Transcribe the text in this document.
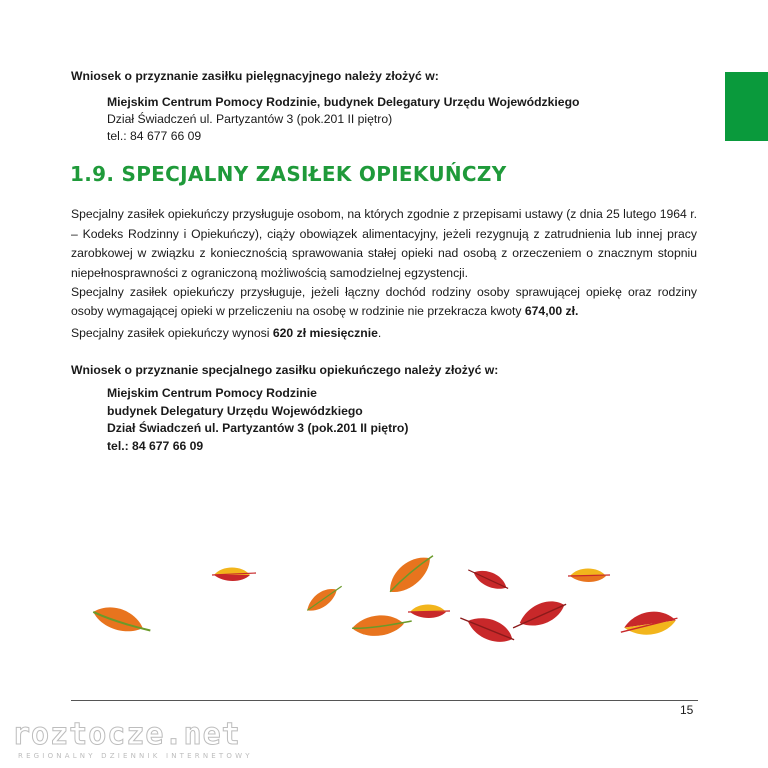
Wniosek o przyznanie zasiłku pielęgnacyjnego należy złożyć w:

Miejskim Centrum Pomocy Rodzinie, budynek Delegatury Urzędu Wojewódzkiego

Dział Świadczeń ul. Partyzantów 3 (pok.201 II piętro)

tel.: 84 677 66 09

1.9. SPECJALNY ZASIŁEK OPIEKUŃCZY

Specjalny zasiłek opiekuńczy przysługuje osobom, na których zgodnie z przepisami ustawy (z dnia 25 lutego 1964 r. – Kodeks Rodzinny i Opiekuńczy), ciąży obowiązek alimentacyjny, jeżeli rezygnują z zatrudnienia lub innej pracy zarobkowej w związku z koniecznością sprawowania stałej opieki nad osobą z orzeczeniem o znacznym stopniu niepełnosprawności z ograniczoną możliwością samodzielnej egzystencji.

Specjalny zasiłek opiekuńczy przysługuje, jeżeli łączny dochód rodziny osoby sprawującej opiekę oraz rodziny osoby wymagającej opieki w przeliczeniu na osobę w rodzinie nie przekracza kwoty 674,00 zł.

Specjalny zasiłek opiekuńczy wynosi 620 zł miesięcznie.

Wniosek o przyznanie specjalnego zasiłku opiekuńczego należy złożyć w:

Miejskim Centrum Pomocy Rodzinie

budynek Delegatury Urzędu Wojewódzkiego

Dział Świadczeń ul. Partyzantów 3 (pok.201 II piętro)

tel.: 84 677 66 09

15
roztocze.net
REGIONALNY DZIENNIK INTERNETOWY
